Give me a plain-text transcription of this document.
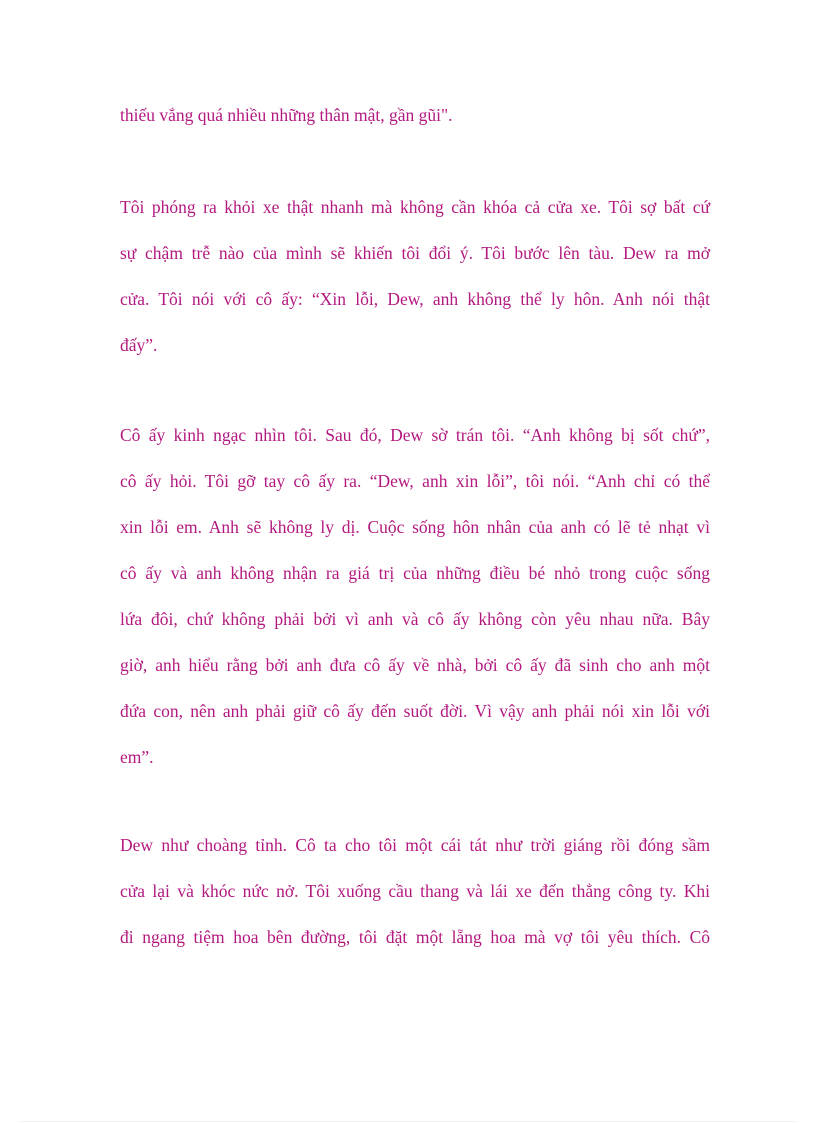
thiếu vắng quá nhiều những thân mật, gần gũi".
Tôi phóng ra khỏi xe thật nhanh mà không cần khóa cả cửa xe. Tôi sợ bất cứ
sự chậm trễ nào của mình sẽ khiến tôi đổi ý. Tôi bước lên tàu. Dew ra mở
cửa. Tôi nói với cô ấy: “Xin lỗi, Dew, anh không thể ly hôn. Anh nói thật
đấy”.
Cô ấy kinh ngạc nhìn tôi. Sau đó, Dew sờ trán tôi. “Anh không bị sốt chứ”,
cô ấy hỏi. Tôi gỡ tay cô ấy ra. “Dew, anh xin lỗi”, tôi nói. “Anh chỉ có thể
xin lỗi em. Anh sẽ không ly dị. Cuộc sống hôn nhân của anh có lẽ tẻ nhạt vì
cô ấy và anh không nhận ra giá trị của những điều bé nhỏ trong cuộc sống
lứa đôi, chứ không phải bởi vì anh và cô ấy không còn yêu nhau nữa. Bây
giờ, anh hiểu rằng bởi anh đưa cô ấy về nhà, bởi cô ấy đã sinh cho anh một
đứa con, nên anh phải giữ cô ấy đến suốt đời. Vì vậy anh phải nói xin lỗi với
em”.
Dew như choàng tỉnh. Cô ta cho tôi một cái tát như trời giáng rồi đóng sầm
cửa lại và khóc nức nở. Tôi xuống cầu thang và lái xe đến thẳng công ty. Khi
đi ngang tiệm hoa bên đường, tôi đặt một lẵng hoa mà vợ tôi yêu thích. Cô
